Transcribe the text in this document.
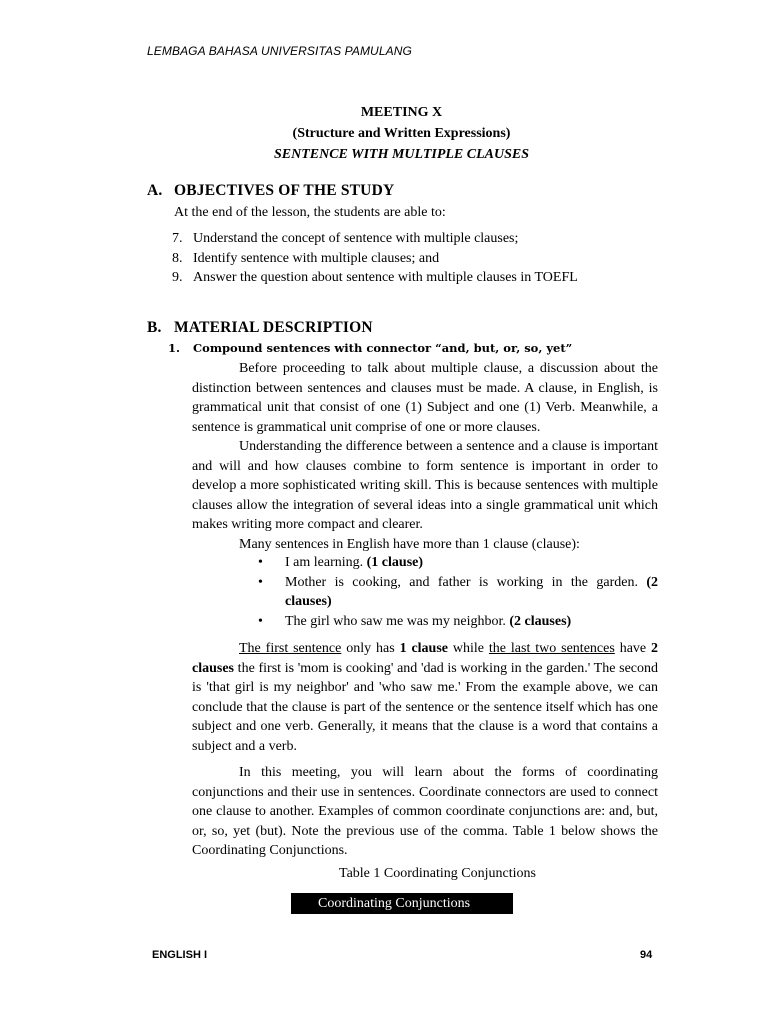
LEMBAGA BAHASA UNIVERSITAS PAMULANG
MEETING X
(Structure and Written Expressions)
SENTENCE WITH MULTIPLE CLAUSES
A. OBJECTIVES OF THE STUDY
At the end of the lesson, the students are able to:
7. Understand the concept of sentence with multiple clauses;
8. Identify sentence with multiple clauses; and
9. Answer the question about sentence with multiple clauses in TOEFL
B. MATERIAL DESCRIPTION
1. Compound sentences with connector “and, but, or, so, yet”

Before proceeding to talk about multiple clause, a discussion about the distinction between sentences and clauses must be made. A clause, in English, is grammatical unit that consist of one (1) Subject and one (1) Verb. Meanwhile, a sentence is grammatical unit comprise of one or more clauses.

Understanding the difference between a sentence and a clause is important and will and how clauses combine to form sentence is important in order to develop a more sophisticated writing skill. This is because sentences with multiple clauses allow the integration of several ideas into a single grammatical unit which makes writing more compact and clearer.

Many sentences in English have more than 1 clause (clause):

• I am learning. (1 clause)
• Mother is cooking, and father is working in the garden. (2 clauses)
• The girl who saw me was my neighbor. (2 clauses)

The first sentence only has 1 clause while the last two sentences have 2 clauses the first is 'mom is cooking' and 'dad is working in the garden.' The second is 'that girl is my neighbor' and 'who saw me.' From the example above, we can conclude that the clause is part of the sentence or the sentence itself which has one subject and one verb. Generally, it means that the clause is a word that contains a subject and a verb.

In this meeting, you will learn about the forms of coordinating conjunctions and their use in sentences. Coordinate connectors are used to connect one clause to another. Examples of common coordinate conjunctions are: and, but, or, so, yet (but). Note the previous use of the comma. Table 1 below shows the Coordinating Conjunctions.

Table 1 Coordinating Conjunctions
Coordinating Conjunctions
ENGLISH I	94
